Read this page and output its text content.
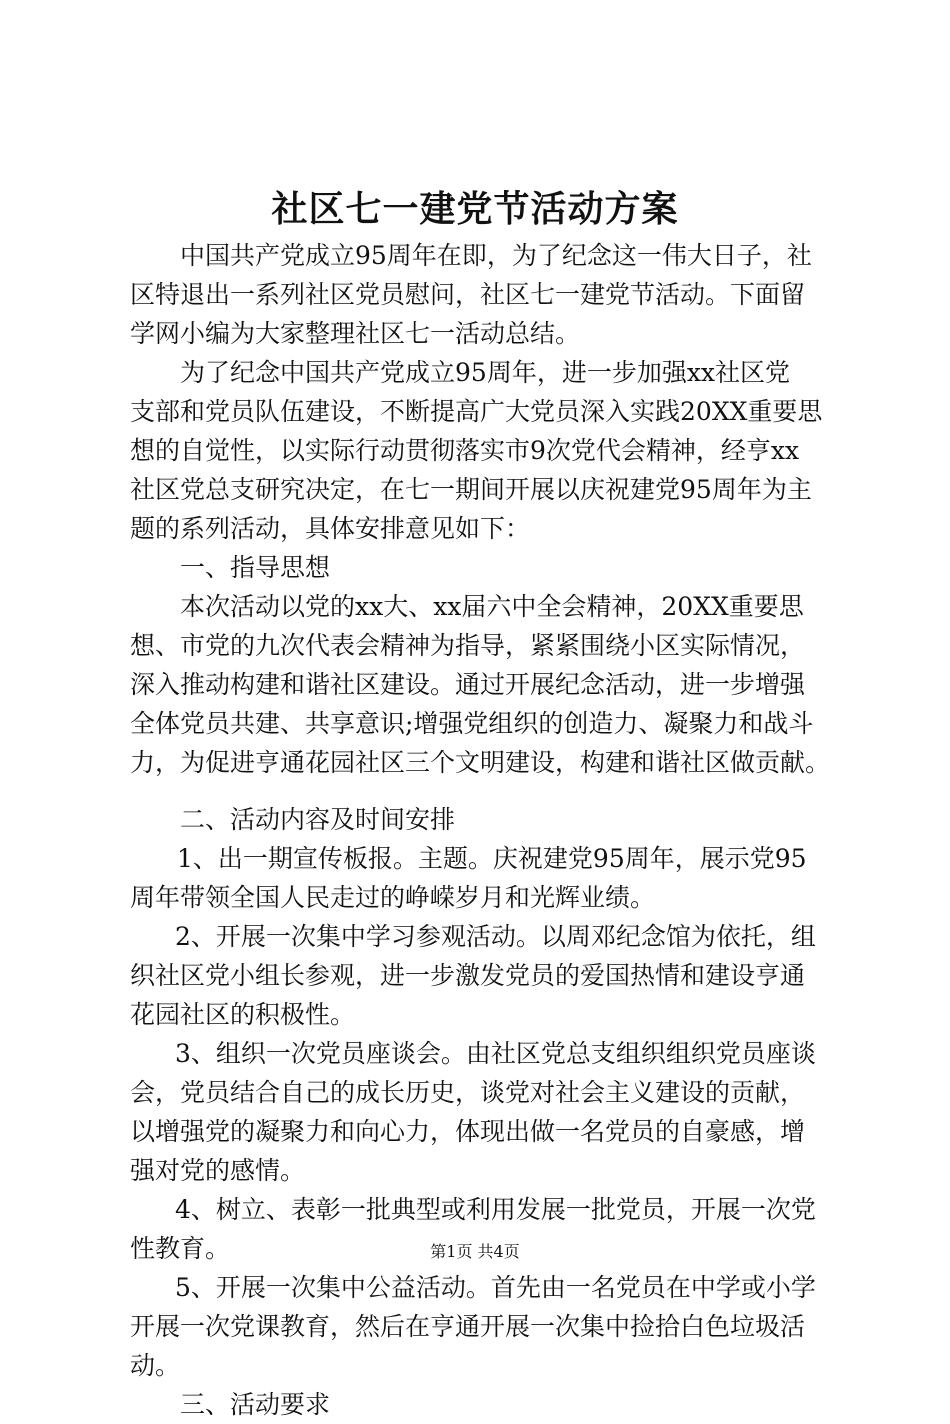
社区七一建党节活动方案
中国共产党成立95周年在即，为了纪念这一伟大日子，社
区特退出一系列社区党员慰问，社区七一建党节活动。下面留
学网小编为大家整理社区七一活动总结。
为了纪念中国共产党成立95周年，进一步加强xx社区党
支部和党员队伍建设，不断提高广大党员深入实践20XX重要思
想的自觉性，以实际行动贯彻落实市9次党代会精神，经亨xx
社区党总支研究决定，在七一期间开展以庆祝建党95周年为主
题的系列活动，具体安排意见如下：
一、指导思想
本次活动以党的xx大、xx届六中全会精神，20XX重要思
想、市党的九次代表会精神为指导，紧紧围绕小区实际情况，
深入推动构建和谐社区建设。通过开展纪念活动，进一步增强
全体党员共建、共享意识;增强党组织的创造力、凝聚力和战斗
力，为促进亨通花园社区三个文明建设，构建和谐社区做贡献。
二、活动内容及时间安排
1、出一期宣传板报。主题。庆祝建党95周年，展示党95
周年带领全国人民走过的峥嵘岁月和光辉业绩。
2、开展一次集中学习参观活动。以周邓纪念馆为依托，组
织社区党小组长参观，进一步激发党员的爱国热情和建设亨通
花园社区的积极性。
3、组织一次党员座谈会。由社区党总支组织组织党员座谈
会，党员结合自己的成长历史，谈党对社会主义建设的贡献，
以增强党的凝聚力和向心力，体现出做一名党员的自豪感，增
强对党的感情。
4、树立、表彰一批典型或利用发展一批党员，开展一次党
性教育。
5、开展一次集中公益活动。首先由一名党员在中学或小学
开展一次党课教育，然后在亨通开展一次集中捡拾白色垃圾活
动。
三、活动要求
第1页 共4页
